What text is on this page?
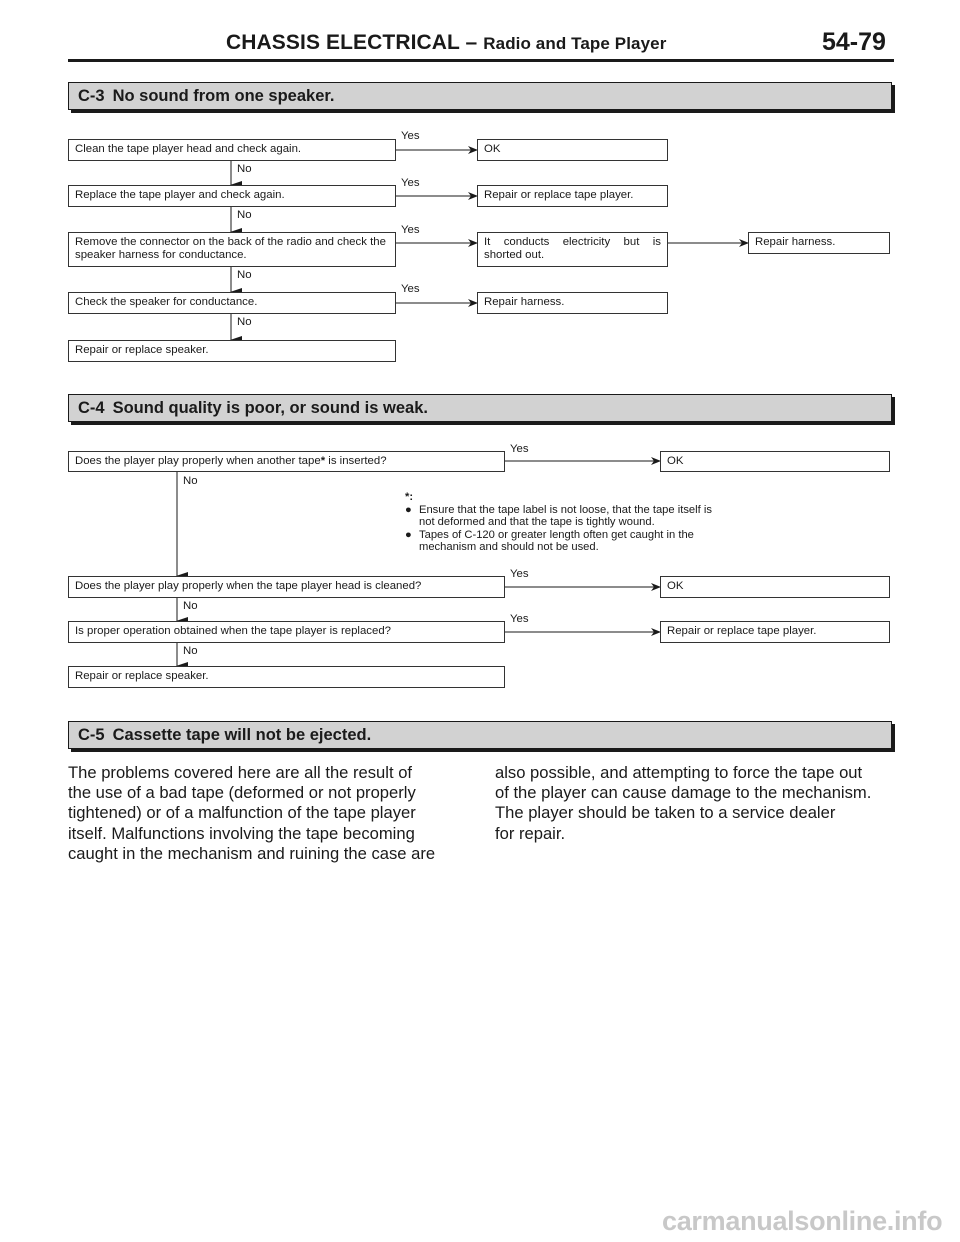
CHASSIS ELECTRICAL – Radio and Tape Player	54-79
C-3 No sound from one speaker.
Clean the tape player head and check again.
Replace the tape player and check again.
Remove the connector on the back of the radio and check the speaker harness for conductance.
Check the speaker for conductance.
Repair or replace speaker.
OK
Repair or replace tape player.
It conducts electricity but is shorted out.
Repair harness.
Repair harness.
Yes
Yes
Yes
Yes
No
No
No
No
C-4 Sound quality is poor, or sound is weak.
Does the player play properly when another tape* is inserted?
Does the player play properly when the tape player head is cleaned?
Is proper operation obtained when the tape player is replaced?
Repair or replace speaker.
OK
OK
Repair or replace tape player.
Yes
Yes
Yes
No
No
No
*:
● Ensure that the tape label is not loose, that the tape itself is not deformed and that the tape is tightly wound.
● Tapes of C-120 or greater length often get caught in the mechanism and should not be used.
C-5 Cassette tape will not be ejected.
The problems covered here are all the result of
the use of a bad tape (deformed or not properly
tightened) or of a malfunction of the tape player
itself. Malfunctions involving the tape becoming
caught in the mechanism and ruining the case are
also possible, and attempting to force the tape out
of the player can cause damage to the mechanism.
The player should be taken to a service dealer
for repair.
carmanualsonline.info
